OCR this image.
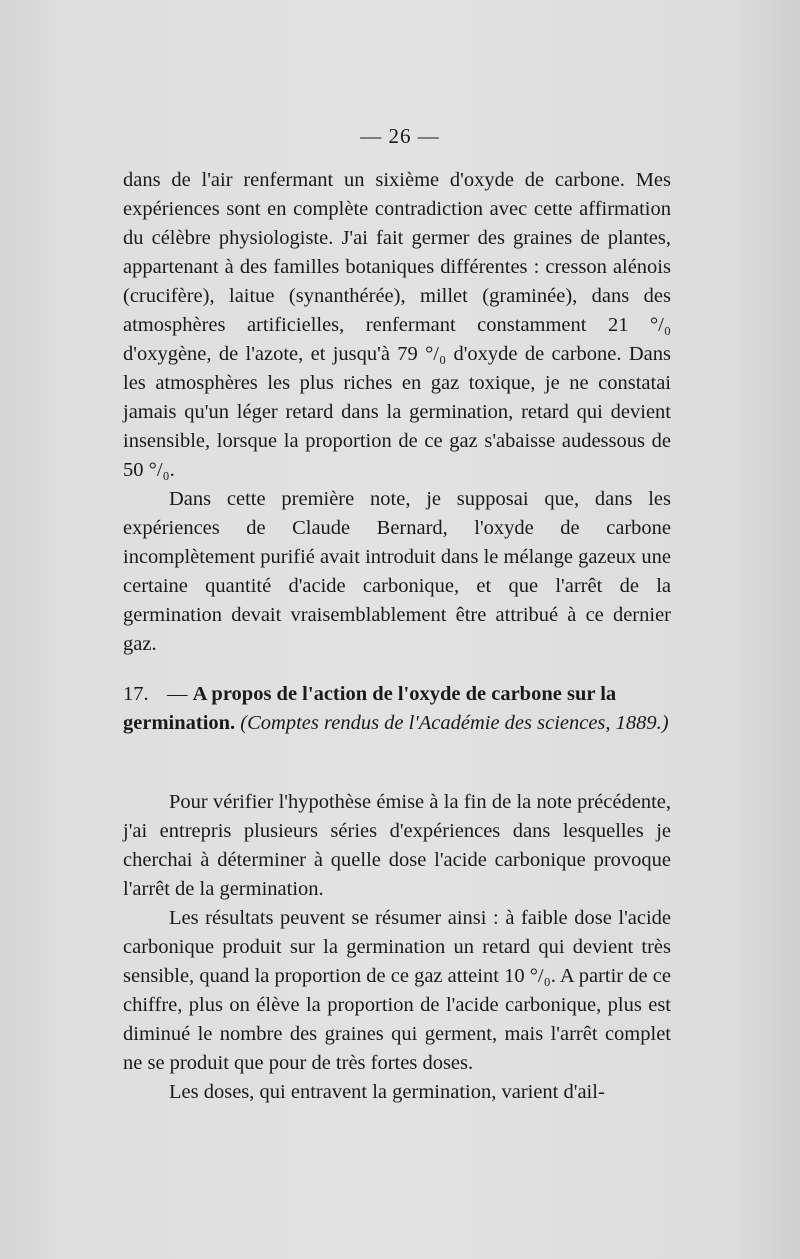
— 26 —

dans de l'air renfermant un sixième d'oxyde de carbone. Mes expériences sont en complète contradiction avec cette affirmation du célèbre physiologiste. J'ai fait germer des graines de plantes, appartenant à des familles botaniques différentes : cresson alénois (crucifère), laitue (synanthérée), millet (graminée), dans des atmosphères artificielles, renfermant constamment 21 °/₀ d'oxygène, de l'azote, et jusqu'à 79 °/₀ d'oxyde de carbone. Dans les atmosphères les plus riches en gaz toxique, je ne constatai jamais qu'un léger retard dans la germination, retard qui devient insensible, lorsque la proportion de ce gaz s'abaisse audessous de 50 °/₀.

Dans cette première note, je supposai que, dans les expériences de Claude Bernard, l'oxyde de carbone incomplètement purifié avait introduit dans le mélange gazeux une certaine quantité d'acide carbonique, et que l'arrêt de la germination devait vraisemblablement être attribué à ce dernier gaz.

17. — A propos de l'action de l'oxyde de carbone sur la germination. (Comptes rendus de l'Académie des sciences, 1889.)

Pour vérifier l'hypothèse émise à la fin de la note précédente, j'ai entrepris plusieurs séries d'expériences dans lesquelles je cherchai à déterminer à quelle dose l'acide carbonique provoque l'arrêt de la germination.

Les résultats peuvent se résumer ainsi : à faible dose l'acide carbonique produit sur la germination un retard qui devient très sensible, quand la proportion de ce gaz atteint 10 °/₀. A partir de ce chiffre, plus on élève la proportion de l'acide carbonique, plus est diminué le nombre des graines qui germent, mais l'arrêt complet ne se produit que pour de très fortes doses.

Les doses, qui entravent la germination, varient d'ail-
